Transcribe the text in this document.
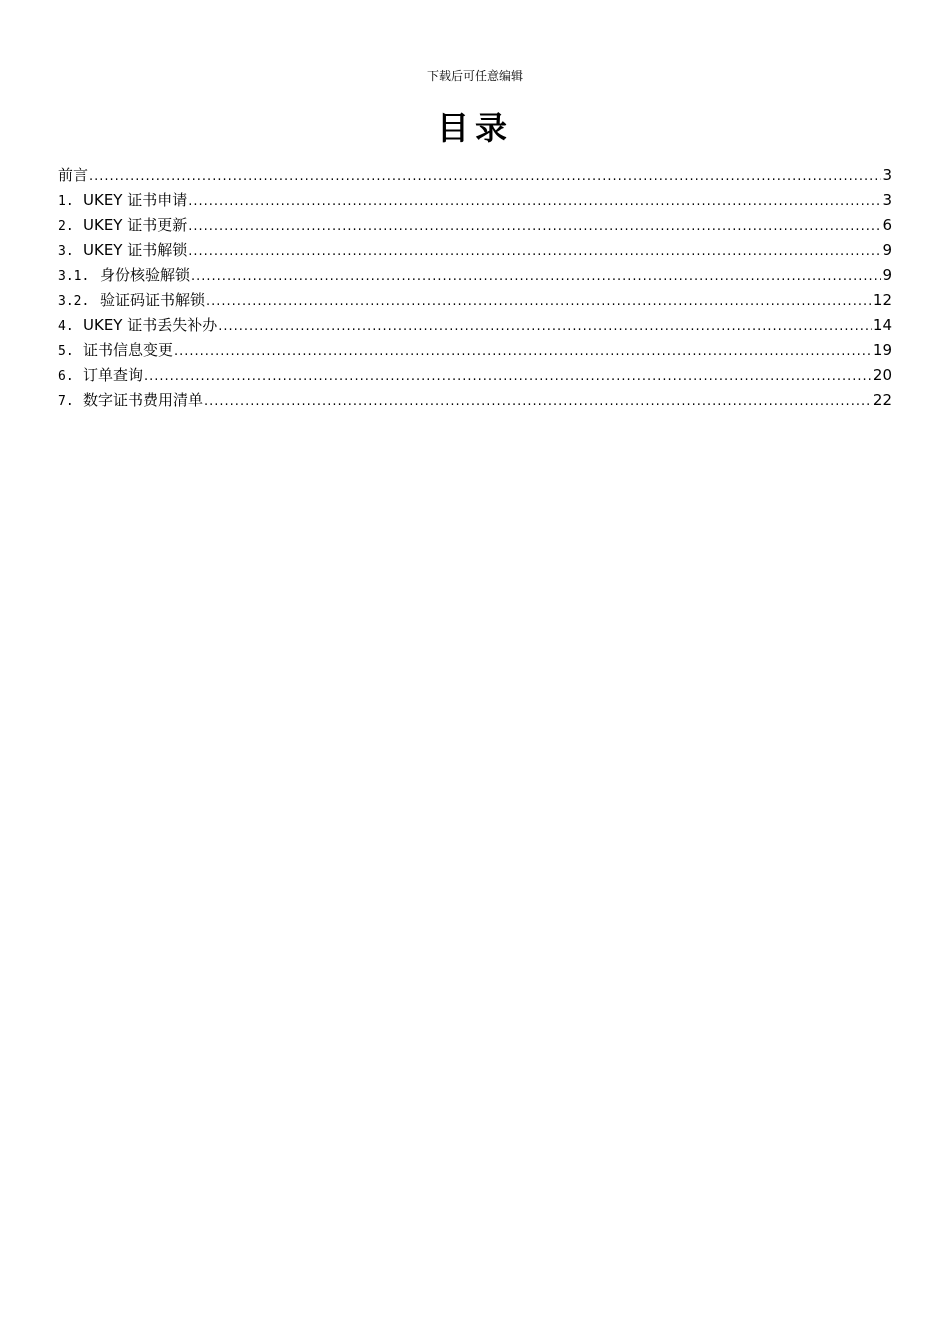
下载后可任意编辑
目录
前言 .....	3
1. UKEY 证书申请 .....	3
2. UKEY 证书更新 .....	6
3. UKEY 证书解锁 .....	9
3.1. 身份核验解锁 .....	9
3.2. 验证码证书解锁 .....	12
4. UKEY 证书丢失补办 .....	14
5. 证书信息变更 .....	19
6. 订单查询 .....	20
7. 数字证书费用清单 .....	22
